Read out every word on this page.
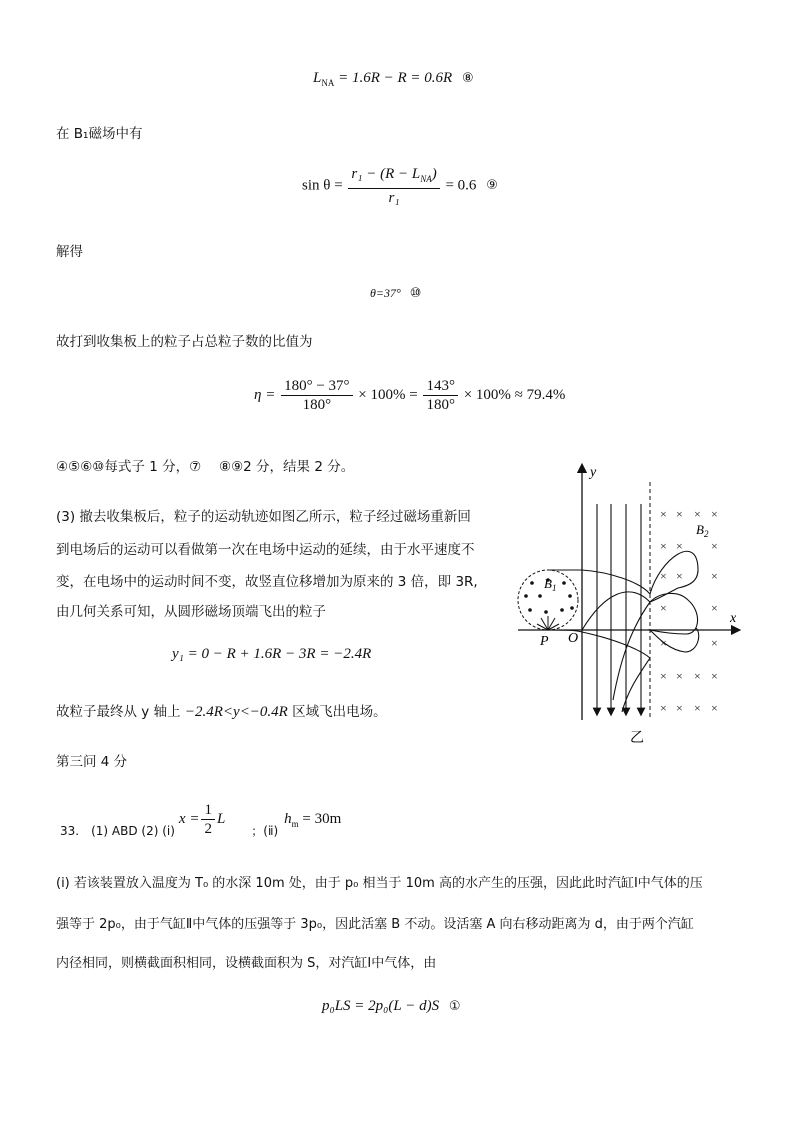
$L_{NA} = 1.6R - R = 0.6R$ ⑧
在 B₁磁场中有
$\sin \theta = \frac{r_1 - (R - L_{NA})}{\text{r₁}} = 0.6$ ⑨
解得
θ=37° ⑩
故打到收集板上的粒子占总粒子数的比值为
$\eta = \frac{180^\circ - 37^\circ}{180^\circ} \times 100\% = \frac{143^\circ}{180^\circ} \times 100\% \approx 79.4\%$
④⑤⑥⑩每式子 1 分，⑦　 ⑧⑨2 分，结果 2 分。
(3) 撤去收集板后，粒子的运动轨迹如图乙所示，粒子经过磁场重新回
到电场后的运动可以看做第一次在电场中运动的延续，由于水平速度不
变，在电场中的运动时间不变，故竖直位移增加为原来的 3 倍，即 3R,
由几何关系可知，从圆形磁场顶端飞出的粒子
y₁ = 0 − R + 1.6R − 3R = −2.4R
故粒子最终从 y 轴上 −2.4R<y<−0.4R 区域飞出电场。
第三问 4 分
33.　(1) ABD (2) (ⅰ)
$x = \frac{1}{2}$ L
；(ⅱ)
$h_m = 30m$
(ⅰ) 若该装置放入温度为 T₀ 的水深 10m 处，由于 p₀ 相当于 10m 高的水产生的压强，因此此时汽缸Ⅰ中气体的压
强等于 2p₀，由于气缸Ⅱ中气体的压强等于 3p₀，因此活塞 B 不动。设活塞 A 向右移动距离为 d，由于两个汽缸
内径相同，则横截面积相同，设横截面积为 S，对汽缸Ⅰ中气体，由
p₀LS = 2p₀(L − d)S ①
y
x
$B_1$
P O
× × × ×
× × ×
× × ×
×	×
×	×
× × × ×
× × × ×
$B_2$
乙
